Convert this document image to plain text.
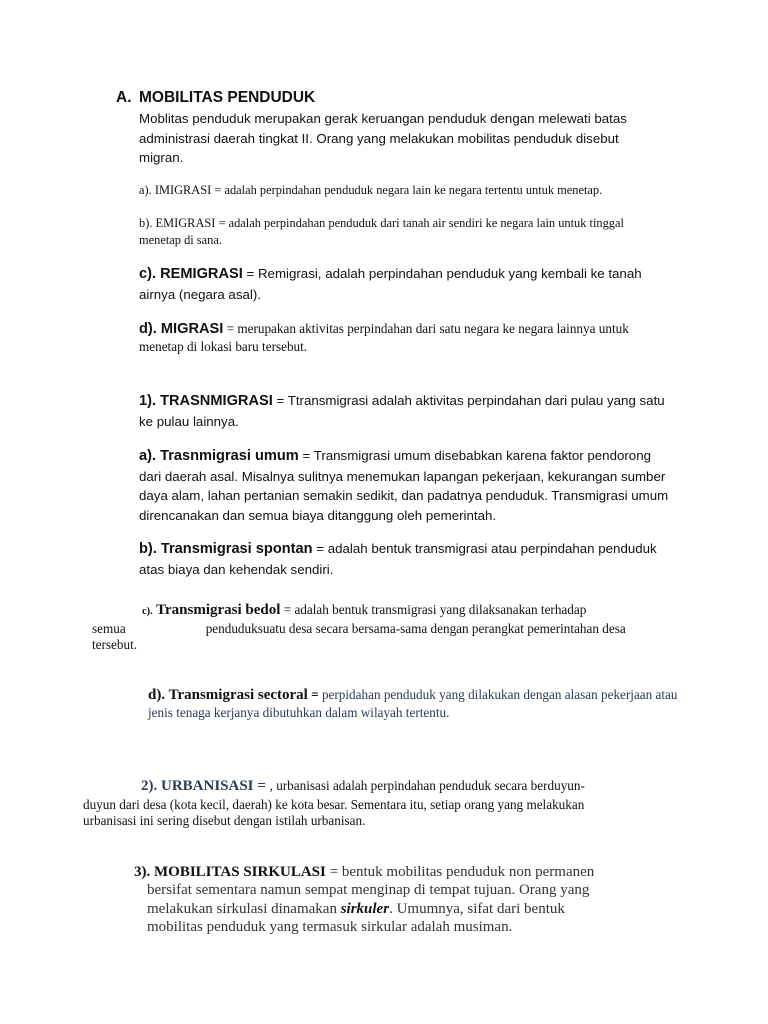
A. MOBILITAS PENDUDUK
Moblitas penduduk merupakan gerak keruangan penduduk dengan melewati batas administrasi daerah tingkat II. Orang yang melakukan mobilitas penduduk disebut migran.
a). IMIGRASI = adalah perpindahan penduduk negara lain ke negara tertentu untuk menetap.
b). EMIGRASI = adalah perpindahan penduduk dari tanah air sendiri ke negara lain untuk tinggal menetap di sana.
c). REMIGRASI = Remigrasi, adalah perpindahan penduduk yang kembali ke tanah airnya (negara asal).
d). MIGRASI = merupakan aktivitas perpindahan dari satu negara ke negara lainnya untuk menetap di lokasi baru tersebut.
1). TRASNMIGRASI = Ttransmigrasi adalah aktivitas perpindahan dari pulau yang satu ke pulau lainnya.
a). Trasnmigrasi umum = Transmigrasi umum disebabkan karena faktor pendorong dari daerah asal. Misalnya sulitnya menemukan lapangan pekerjaan, kekurangan sumber daya alam, lahan pertanian semakin sedikit, dan padatnya penduduk. Transmigrasi umum direncanakan dan semua biaya ditanggung oleh pemerintah.
b). Transmigrasi spontan = adalah bentuk transmigrasi atau perpindahan penduduk atas biaya dan kehendak sendiri.
c). Transmigrasi bedol = adalah bentuk transmigrasi yang dilaksanakan terhadap
semua	penduduksuatu desa secara bersama-sama dengan perangkat pemerintahan desa
tersebut.
d). Transmigrasi sectoral = perpidahan penduduk yang dilakukan dengan alasan pekerjaan atau jenis tenaga kerjanya dibutuhkan dalam wilayah tertentu.
2). URBANISASI = , urbanisasi adalah perpindahan penduduk secara berduyun-
duyun dari desa (kota kecil, daerah) ke kota besar. Sementara itu, setiap orang yang melakukan
urbanisasi ini sering disebut dengan istilah urbanisan.
3). MOBILITAS SIRKULASI = bentuk mobilitas penduduk non permanen
bersifat sementara namun sempat menginap di tempat tujuan. Orang yang
melakukan sirkulasi dinamakan sirkuler. Umumnya, sifat dari bentuk
mobilitas penduduk yang termasuk sirkular adalah musiman.
